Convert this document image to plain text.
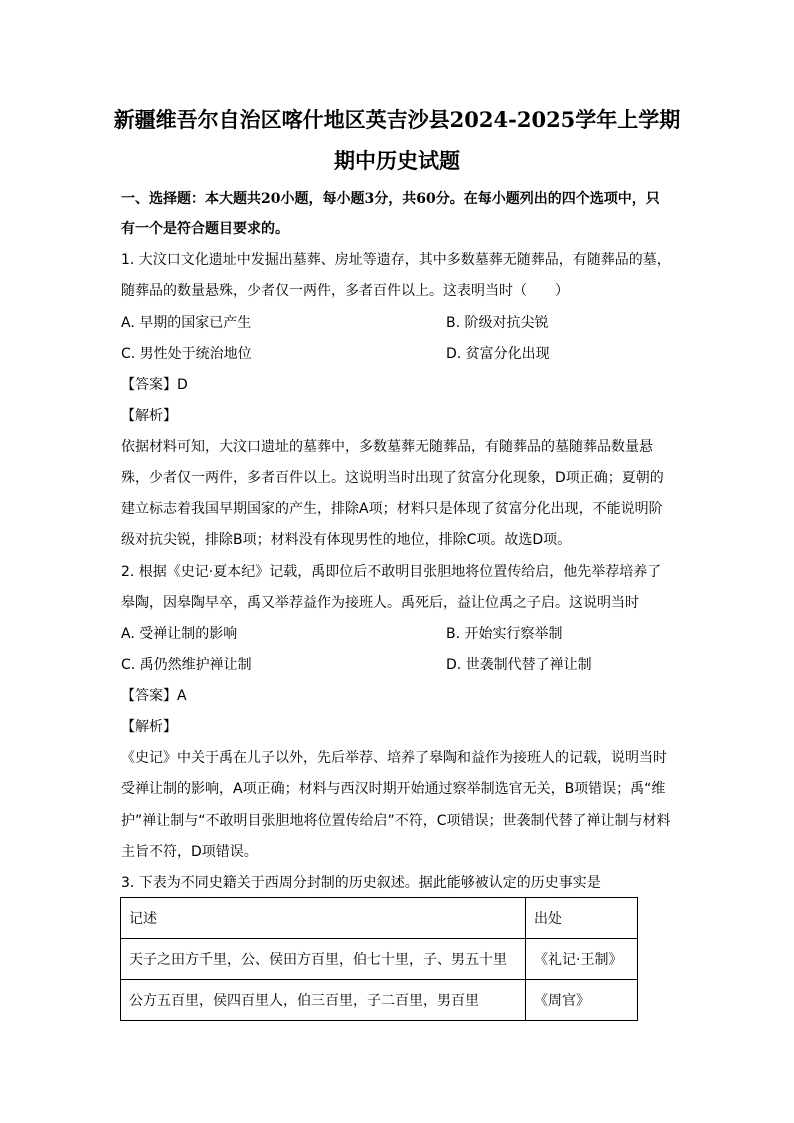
新疆维吾尔自治区喀什地区英吉沙县2024-2025学年上学期
期中历史试题
一、选择题：本大题共20小题，每小题3分，共60分。在每小题列出的四个选项中，只
有一个是符合题目要求的。
1. 大汶口文化遗址中发掘出墓葬、房址等遗存，其中多数墓葬无随葬品，有随葬品的墓，
随葬品的数量悬殊，少者仅一两件，多者百件以上。这表明当时（　　）
A. 早期的国家已产生	B. 阶级对抗尖锐
C. 男性处于统治地位	D. 贫富分化出现
【答案】D
【解析】
依据材料可知，大汶口遗址的墓葬中，多数墓葬无随葬品，有随葬品的墓随葬品数量悬
殊，少者仅一两件，多者百件以上。这说明当时出现了贫富分化现象，D项正确；夏朝的
建立标志着我国早期国家的产生，排除A项；材料只是体现了贫富分化出现，不能说明阶
级对抗尖锐，排除B项；材料没有体现男性的地位，排除C项。故选D项。
2. 根据《史记·夏本纪》记载，禹即位后不敢明目张胆地将位置传给启，他先举荐培养了
皋陶，因皋陶早卒，禹又举荐益作为接班人。禹死后，益让位禹之子启。这说明当时
A. 受禅让制的影响	B. 开始实行察举制
C. 禹仍然维护禅让制	D. 世袭制代替了禅让制
【答案】A
【解析】
《史记》中关于禹在儿子以外，先后举荐、培养了皋陶和益作为接班人的记载，说明当时
受禅让制的影响，A项正确；材料与西汉时期开始通过察举制选官无关，B项错误；禹“维
护”禅让制与“不敢明目张胆地将位置传给启”不符，C项错误；世袭制代替了禅让制与材料
主旨不符，D项错误。
3. 下表为不同史籍关于西周分封制的历史叙述。据此能够被认定的历史事实是
记述	出处
天子之田方千里，公、侯田方百里，伯七十里，子、男五十里	《礼记·王制》
公方五百里，侯四百里人，伯三百里，子二百里，男百里	《周官》
